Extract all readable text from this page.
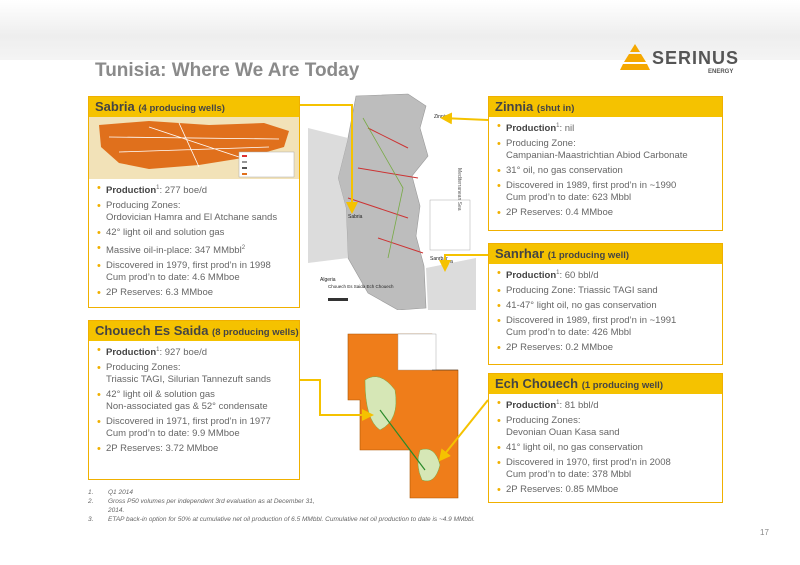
Tunisia: Where We Are Today
SERINUS
ENERGY
Sabria (4 producing wells)
• Production$^1$: 277 boe/d
• Producing Zones:
Ordovician Hamra and El Atchane sands
• 42° light oil and solution gas
• Massive oil-in-place: 347 MMbbl$^2$
• Discovered in 1979, first prod’n in 1998
Cum prod’n to date: 4.6 MMboe
• 2P Reserves: 6.3 MMboe
Chouech Es Saida (8 producing wells)
• Production$^1$: 927 boe/d
• Producing Zones:
Triassic TAGI, Silurian Tannezuft sands
• 42° light oil & solution gas
Non-associated gas & 52° condensate
• Discovered in 1971, first prod’n in 1977
Cum prod’n to date: 9.9 MMboe
• 2P Reserves: 3.72 MMboe
Zinnia (shut in)
• Production$^1$: nil
• Producing Zone:
Campanian-Maastrichtian Abiod Carbonate
• 31° oil, no gas conservation
• Discovered in 1989, first prod’n in ~1990
Cum prod’n to date: 623 Mbbl
• 2P Reserves: 0.4 MMboe
Sanrhar (1 producing well)
• Production$^1$: 60 bbl/d
• Producing Zone: Triassic TAGI sand
• 41-47° light oil, no gas conservation
• Discovered in 1989, first prod’n in ~1991
Cum prod’n to date: 426 Mbbl
• 2P Reserves: 0.2 MMboe
Ech Chouech (1 producing well)
• Production$^1$: 81 bbl/d
• Producing Zones:
Devonian Ouan Kasa sand
• 41° light oil, no gas conservation
• Discovered in 1970, first prod’n in 2008
Cum prod’n to date: 378 Mbbl
• 2P Reserves: 0.85 MMboe
Algeria
Sabria
Zinnia
Libya
Sanrhar
Chouech Es Saida Ech Chouech
Mediterranean Sea
1. Q1 2014
2. Gross P50 volumes per independent 3rd evaluation as at December 31, 2014.
3. ETAP back-in option for 50% at cumulative net oil production of 6.5 MMbbl. Cumulative net oil production to date is ~4.9 MMbbl.
17
